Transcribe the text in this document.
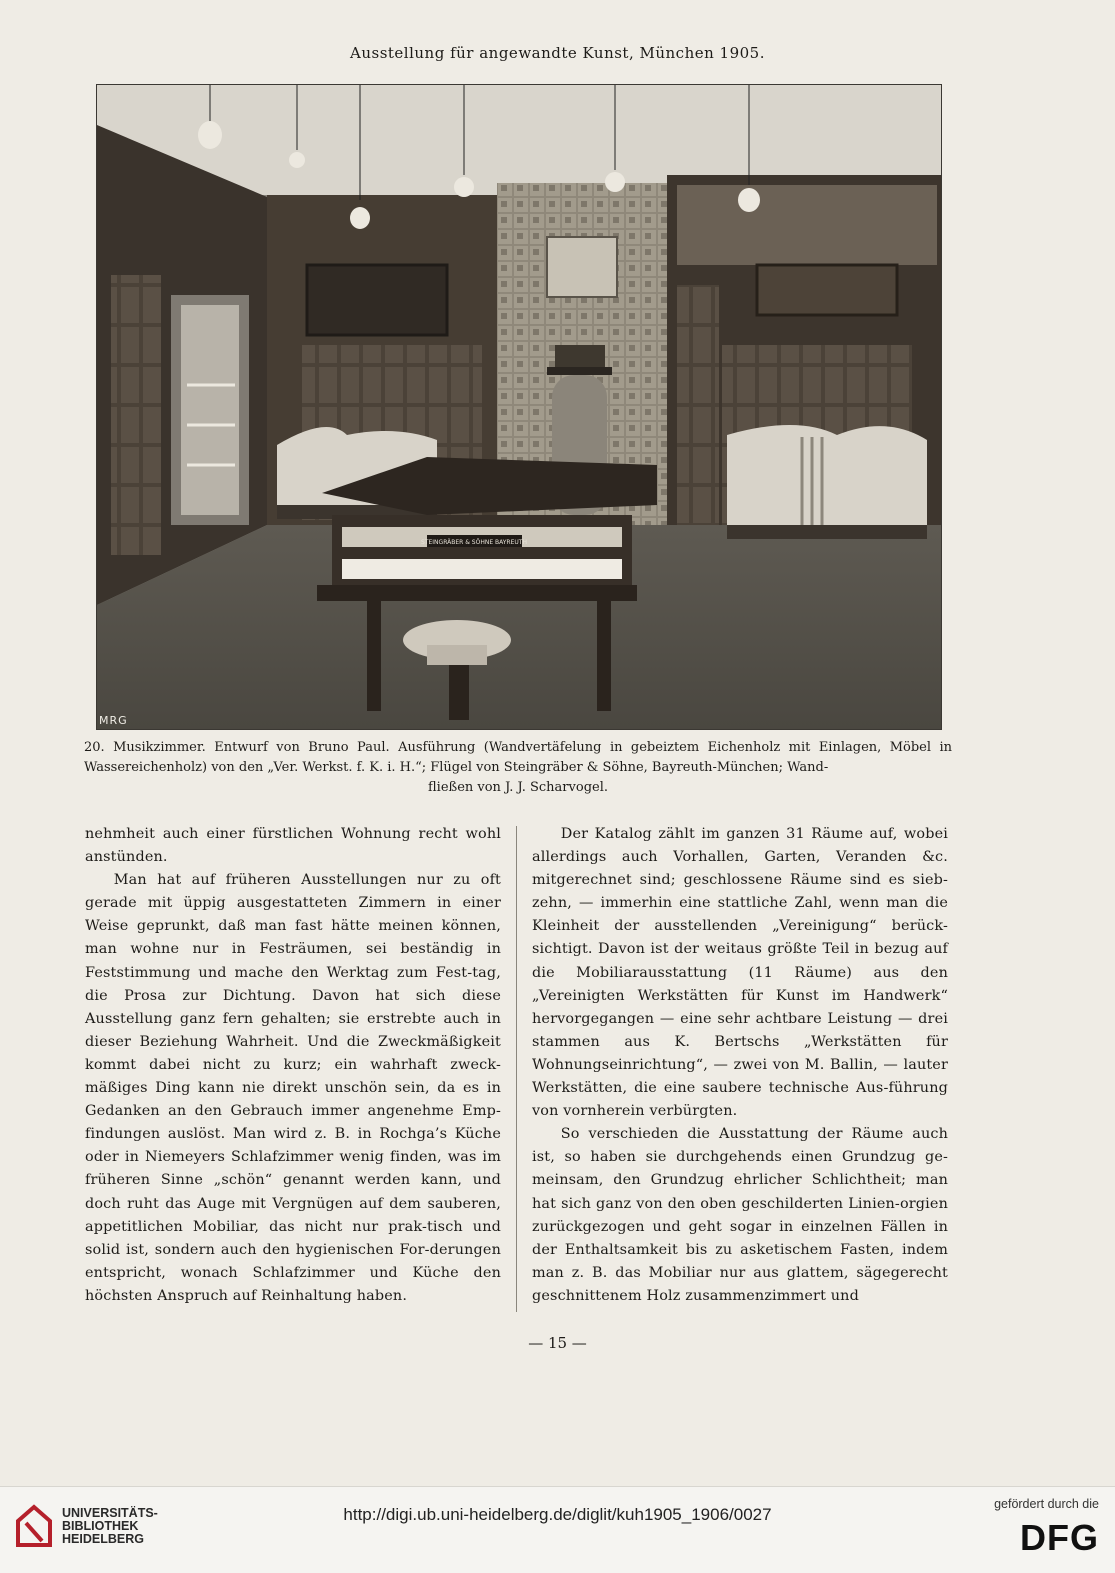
Ausstellung für angewandte Kunst, München 1905.
STEINGRÄBER & SÖHNE BAYREUTH
MRG
20. Musikzimmer. Entwurf von Bruno Paul. Ausführung (Wandvertäfelung in gebeiztem Eichenholz mit Einlagen, Möbel in Wassereichenholz) von den „Ver. Werkst. f. K. i. H.“; Flügel von Steingräber & Söhne, Bayreuth-München; Wand-
fließen von J. J. Scharvogel.

nehmheit auch einer fürstlichen Wohnung recht wohl anstünden.

Man hat auf früheren Ausstellungen nur zu oft gerade mit üppig ausgestatteten Zimmern in einer Weise geprunkt, daß man fast hätte meinen können, man wohne nur in Festräumen, sei beständig in Feststimmung und mache den Werktag zum Fest-tag, die Prosa zur Dichtung. Davon hat sich diese Ausstellung ganz fern gehalten; sie erstrebte auch in dieser Beziehung Wahrheit. Und die Zweckmäßigkeit kommt dabei nicht zu kurz; ein wahrhaft zweck-mäßiges Ding kann nie direkt unschön sein, da es in Gedanken an den Gebrauch immer angenehme Emp-findungen auslöst. Man wird z. B. in Rochga’s Küche oder in Niemeyers Schlafzimmer wenig finden, was im früheren Sinne „schön“ genannt werden kann, und doch ruht das Auge mit Vergnügen auf dem sauberen, appetitlichen Mobiliar, das nicht nur prak-tisch und solid ist, sondern auch den hygienischen For-derungen entspricht, wonach Schlafzimmer und Küche den höchsten Anspruch auf Reinhaltung haben.

Der Katalog zählt im ganzen 31 Räume auf, wobei allerdings auch Vorhallen, Garten, Veranden &c. mitgerechnet sind; geschlossene Räume sind es sieb-zehn, — immerhin eine stattliche Zahl, wenn man die Kleinheit der ausstellenden „Vereinigung“ berück-sichtigt. Davon ist der weitaus größte Teil in bezug auf die Mobiliarausstattung (11 Räume) aus den „Vereinigten Werkstätten für Kunst im Handwerk“ hervorgegangen — eine sehr achtbare Leistung — drei stammen aus K. Bertschs „Werkstätten für Wohnungseinrichtung“, — zwei von M. Ballin, — lauter Werkstätten, die eine saubere technische Aus-führung von vornherein verbürgten.

So verschieden die Ausstattung der Räume auch ist, so haben sie durchgehends einen Grundzug ge-meinsam, den Grundzug ehrlicher Schlichtheit; man hat sich ganz von den oben geschilderten Linien-orgien zurückgezogen und geht sogar in einzelnen Fällen in der Enthaltsamkeit bis zu asketischem Fasten, indem man z. B. das Mobiliar nur aus glattem, sägegerecht geschnittenem Holz zusammenzimmert und

— 15 —
UNIVERSITÄTS-
BIBLIOTHEK
HEIDELBERG
http://digi.ub.uni-heidelberg.de/diglit/kuh1905_1906/0027
gefördert durch die
DFG
